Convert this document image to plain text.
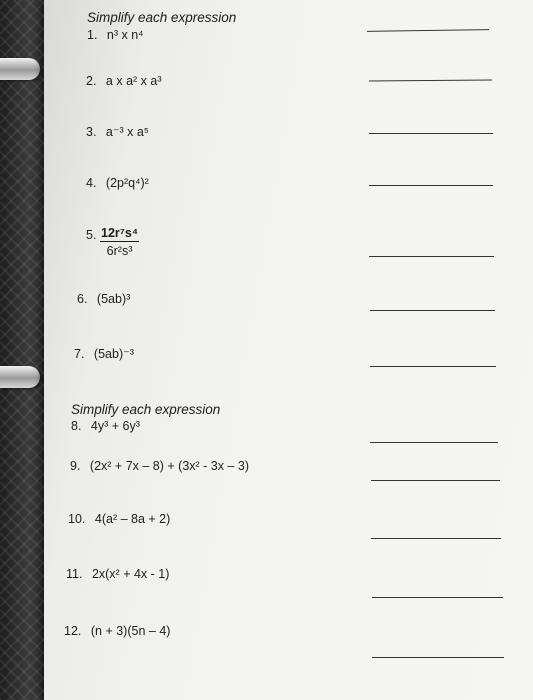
Simplify each expression
1. n³ x n⁴
2. a x a² x a³
3. a⁻³ x a⁵
4. (2p²q⁴)²
5. $\frac{\text{12r⁷s⁴}}{\text{6r²s³}}$
6. (5ab)³
7. (5ab)⁻³
Simplify each expression
8. 4y³ + 6y³
9. (2x² + 7x – 8) + (3x² - 3x – 3)
10. 4(a² – 8a + 2)
11. 2x(x² + 4x - 1)
12. (n + 3)(5n – 4)
